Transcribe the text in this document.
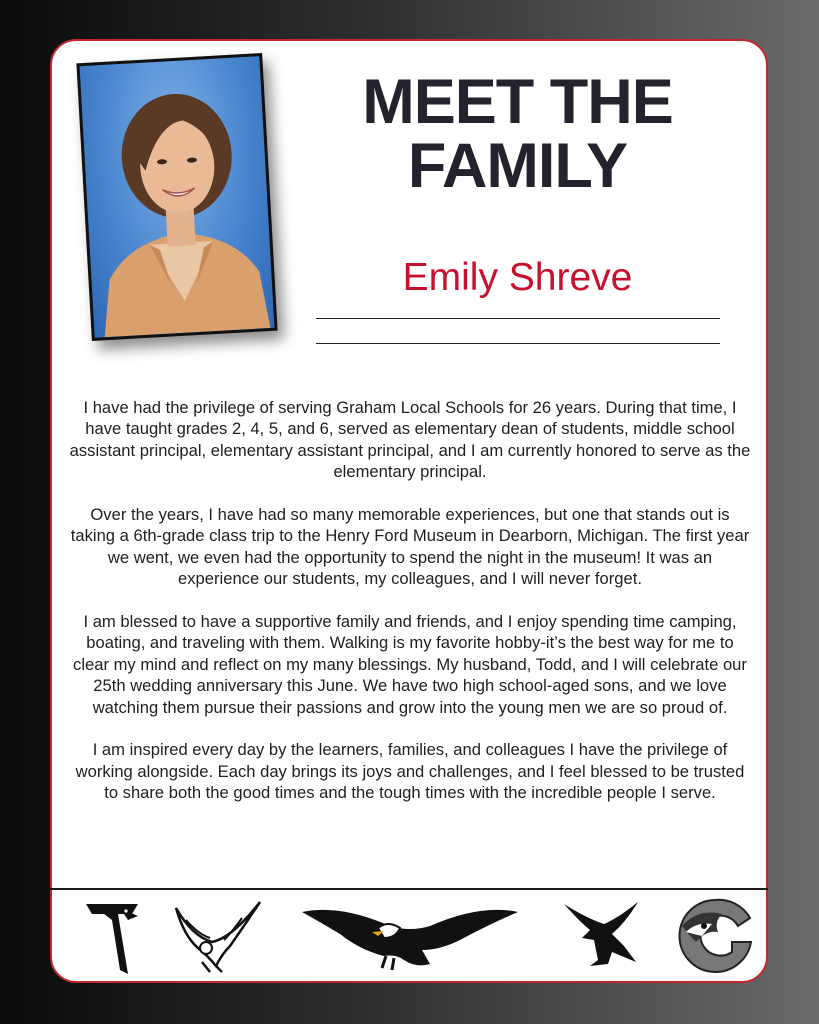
MEET THE
FAMILY
Emily Shreve

I have had the privilege of serving Graham Local Schools for 26 years. During that time, I have taught grades 2, 4, 5, and 6, served as elementary dean of students, middle school assistant principal, elementary assistant principal, and I am currently honored to serve as the elementary principal.

Over the years, I have had so many memorable experiences, but one that stands out is taking a 6th-grade class trip to the Henry Ford Museum in Dearborn, Michigan. The first year we went, we even had the opportunity to spend the night in the museum! It was an experience our students, my colleagues, and I will never forget.

I am blessed to have a supportive family and friends, and I enjoy spending time camping, boating, and traveling with them. Walking is my favorite hobby-it’s the best way for me to clear my mind and reflect on my many blessings. My husband, Todd, and I will celebrate our 25th wedding anniversary this June. We have two high school-aged sons, and we love watching them pursue their passions and grow into the young men we are so proud of.

I am inspired every day by the learners, families, and colleagues I have the privilege of working alongside. Each day brings its joys and challenges, and I feel blessed to be trusted to share both the good times and the tough times with the incredible people I serve.
